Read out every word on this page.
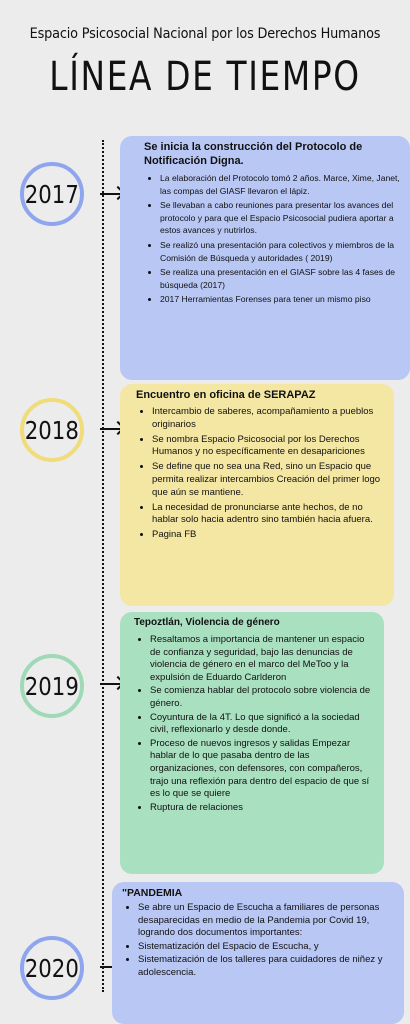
Espacio Psicosocial Nacional por los Derechos Humanos
LÍNEA DE TIEMPO
2017
Se inicia la construcción del Protocolo de Notificación Digna.
• La elaboración del Protocolo tomó 2 años. Marce, Xime, Janet, las compas del GIASF llevaron el lápiz.
• Se llevaban a cabo reuniones para presentar los avances del protocolo y para que el Espacio Psicosocial pudiera aportar a estos avances y nutrirlos.
• Se realizó una presentación para colectivos y miembros de la Comisión de Búsqueda y autoridades ( 2019)
• Se realiza una presentación en el GIASF sobre las 4 fases de búsqueda (2017)
• 2017 Herramientas Forenses para tener un mismo piso
2018
Encuentro en oficina de SERAPAZ
• Intercambio de saberes, acompañamiento a pueblos originarios
• Se nombra Espacio Psicosocial por los Derechos Humanos y no específicamente en desapariciones
• Se define que no sea una Red, sino un Espacio que permita realizar intercambios Creación del primer logo que aún se mantiene.
• La necesidad de pronunciarse ante hechos, de no hablar solo hacia adentro sino también hacia afuera.
• Pagina FB
2019
Tepoztlán, Violencia de género
• Resaltamos a importancia de mantener un espacio de confianza y seguridad, bajo las denuncias de violencia de género en el marco del MeToo y la expulsión de Eduardo Carlderon
• Se comienza hablar del protocolo sobre violencia de género.
• Coyuntura de la 4T. Lo que significó a la sociedad civil, reflexionarlo y desde donde.
• Proceso de nuevos ingresos y salidas Empezar hablar de lo que pasaba dentro de las organizaciones, con defensores, con compañeros, trajo una reflexión para dentro del espacio de que sí es lo que se quiere
• Ruptura de relaciones
2020
"PANDEMIA
• Se abre un Espacio de Escucha a familiares de personas desaparecidas en medio de la Pandemia por Covid 19, logrando dos documentos importantes:
• Sistematización del Espacio de Escucha, y
• Sistematización de los talleres para cuidadores de niñez y adolescencia.
